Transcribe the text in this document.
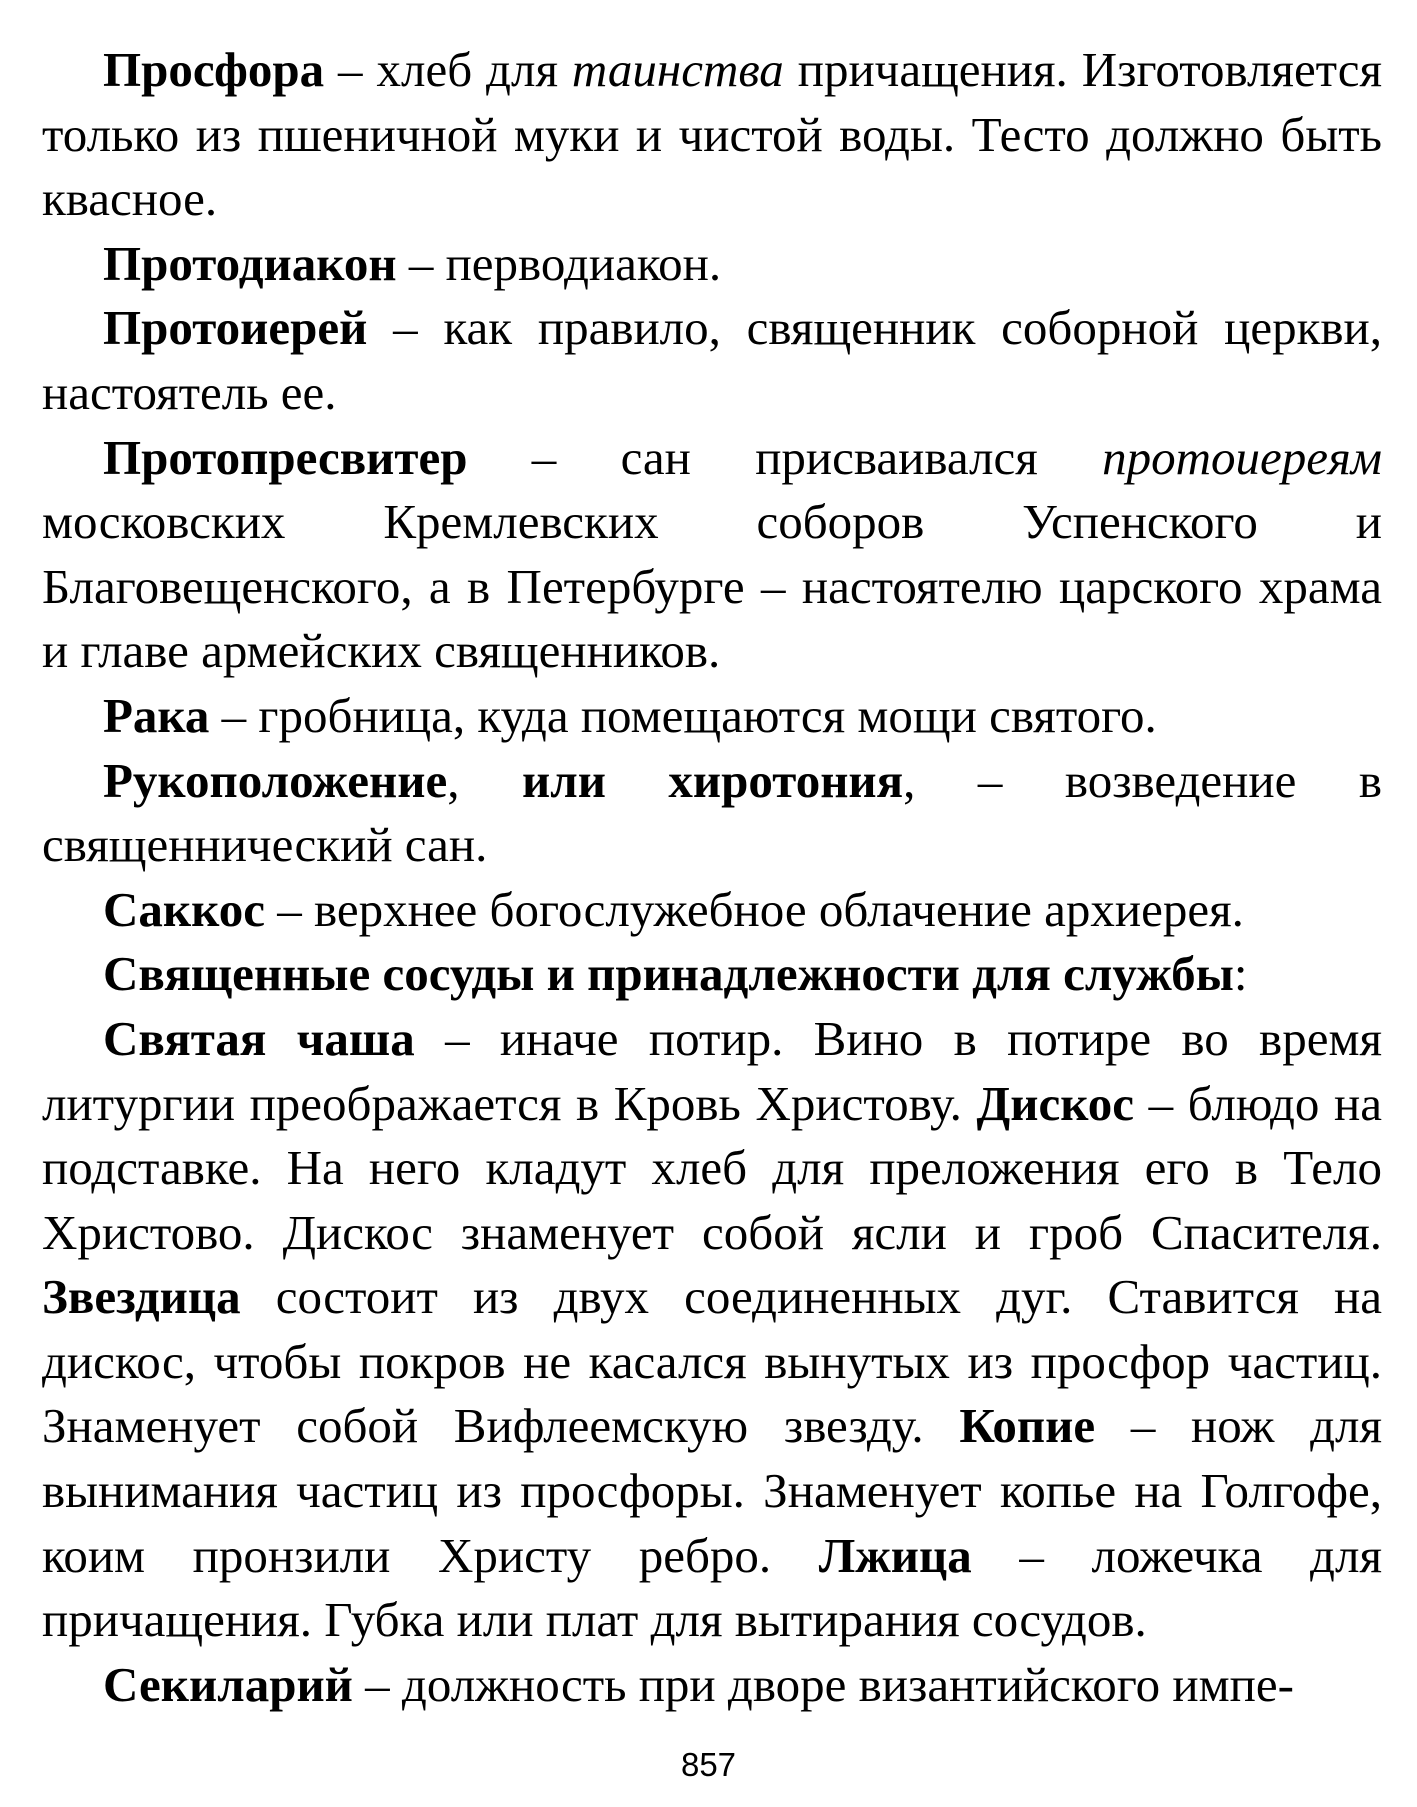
Просфора – хлеб для таинства причащения. Изготовляется только из пшеничной муки и чистой воды. Тесто должно быть квасное.

Протодиакон – перводиакон.

Протоиерей – как правило, священник соборной церкви, настоятель ее.

Протопресвитер – сан присваивался протоиереям московских Кремлевских соборов Успенского и Благовещенского, а в Петербурге – настоятелю царского храма и главе армейских священников.

Рака – гробница, куда помещаются мощи святого.

Рукоположение, или хиротония, – возведение в священнический сан.

Саккос – верхнее богослужебное облачение архиерея.

Священные сосуды и принадлежности для службы:

Святая чаша – иначе потир. Вино в потире во время литургии преображается в Кровь Христову. Дискос – блюдо на подставке. На него кладут хлеб для преложения его в Тело Христово. Дискос знаменует собой ясли и гроб Спасителя. Звездица состоит из двух соединенных дуг. Ставится на дискос, чтобы покров не касался вынутых из просфор частиц. Знаменует собой Вифлеемскую звезду. Копие – нож для вынимания частиц из просфоры. Знаменует копье на Голгофе, коим пронзили Христу ребро. Лжица – ложечка для причащения. Губка или плат для вытирания сосудов.

Секиларий – должность при дворе византийского импе-

857
